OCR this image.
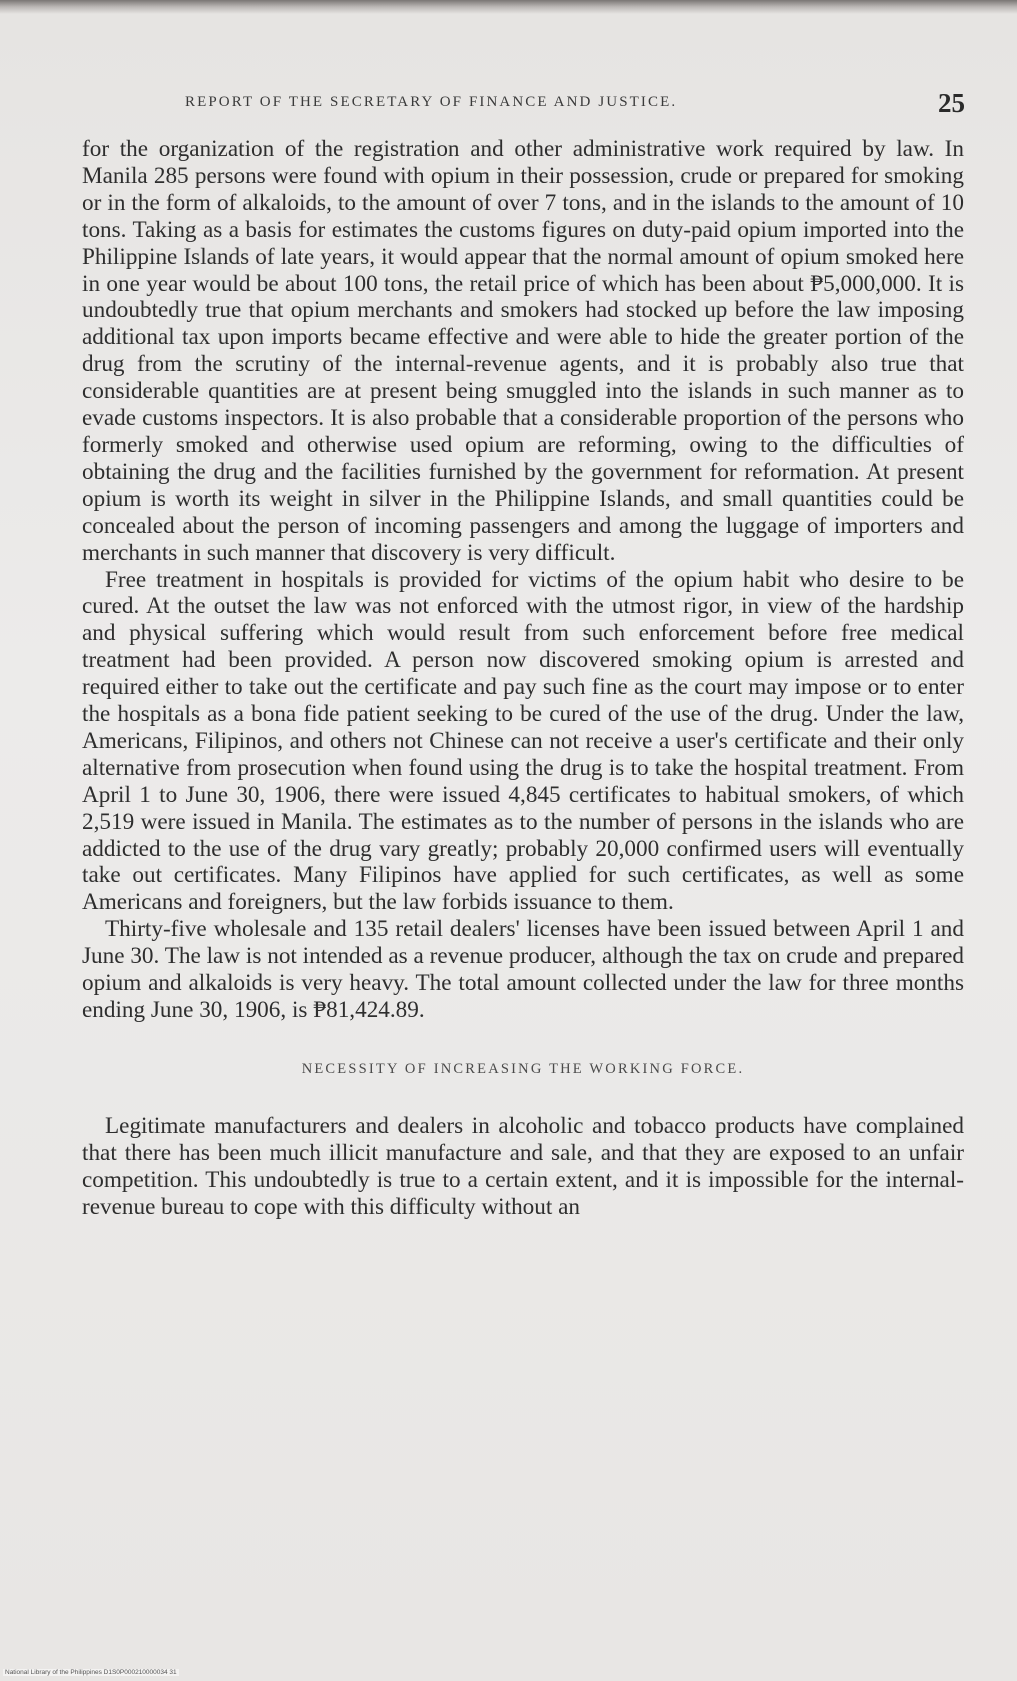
REPORT OF THE SECRETARY OF FINANCE AND JUSTICE.	25

for the organization of the registration and other administrative work required by law. In Manila 285 persons were found with opium in their possession, crude or prepared for smoking or in the form of alkaloids, to the amount of over 7 tons, and in the islands to the amount of 10 tons. Taking as a basis for estimates the customs figures on duty-paid opium imported into the Philippine Islands of late years, it would appear that the normal amount of opium smoked here in one year would be about 100 tons, the retail price of which has been about ₱5,000,000. It is undoubtedly true that opium merchants and smokers had stocked up before the law imposing additional tax upon imports became effective and were able to hide the greater portion of the drug from the scrutiny of the internal-revenue agents, and it is probably also true that considerable quantities are at present being smuggled into the islands in such manner as to evade customs inspectors. It is also probable that a considerable proportion of the persons who formerly smoked and otherwise used opium are reforming, owing to the difficulties of obtaining the drug and the facilities furnished by the government for reformation. At present opium is worth its weight in silver in the Philippine Islands, and small quantities could be concealed about the person of incoming passengers and among the luggage of importers and merchants in such manner that discovery is very difficult.

Free treatment in hospitals is provided for victims of the opium habit who desire to be cured. At the outset the law was not enforced with the utmost rigor, in view of the hardship and physical suffering which would result from such enforcement before free medical treatment had been provided. A person now discovered smoking opium is arrested and required either to take out the certificate and pay such fine as the court may impose or to enter the hospitals as a bona fide patient seeking to be cured of the use of the drug. Under the law, Americans, Filipinos, and others not Chinese can not receive a user's certificate and their only alternative from prosecution when found using the drug is to take the hospital treatment. From April 1 to June 30, 1906, there were issued 4,845 certificates to habitual smokers, of which 2,519 were issued in Manila. The estimates as to the number of persons in the islands who are addicted to the use of the drug vary greatly; probably 20,000 confirmed users will eventually take out certificates. Many Filipinos have applied for such certificates, as well as some Americans and foreigners, but the law forbids issuance to them.

Thirty-five wholesale and 135 retail dealers' licenses have been issued between April 1 and June 30. The law is not intended as a revenue producer, although the tax on crude and prepared opium and alkaloids is very heavy. The total amount collected under the law for three months ending June 30, 1906, is ₱81,424.89.

NECESSITY OF INCREASING THE WORKING FORCE.

Legitimate manufacturers and dealers in alcoholic and tobacco products have complained that there has been much illicit manufacture and sale, and that they are exposed to an unfair competition. This undoubtedly is true to a certain extent, and it is impossible for the internal-revenue bureau to cope with this difficulty without an

National Library of the Philippines D1S0P000210000034 31
